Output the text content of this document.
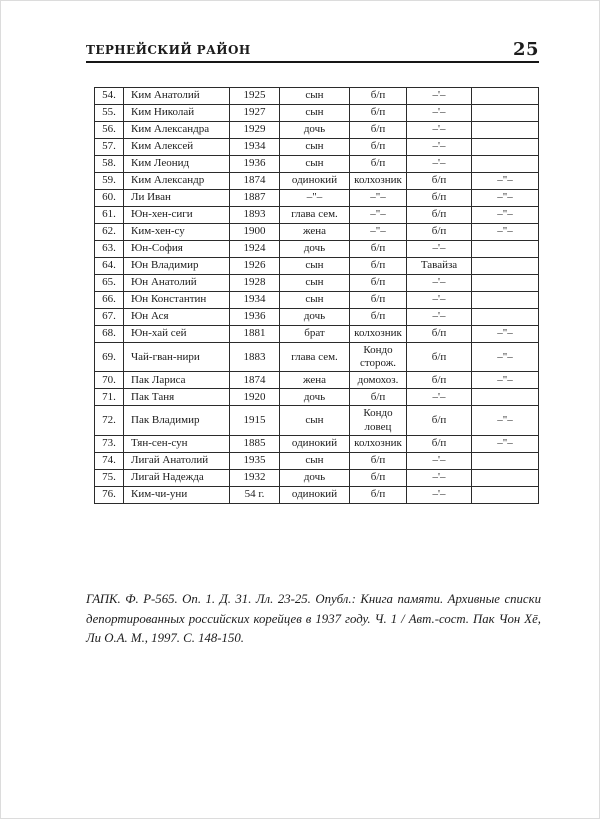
ТЕРНЕЙСКИЙ РАЙОН	25
54.	Ким Анатолий	1925	сын	б/п	–'–	
55.	Ким Николай	1927	сын	б/п	–'–	
56.	Ким Александра	1929	дочь	б/п	–'–	
57.	Ким Алексей	1934	сын	б/п	–'–	
58.	Ким Леонид	1936	сын	б/п	–'–	
59.	Ким Александр	1874	одинокий	колхозник	б/п	–"–
60.	Ли Иван	1887	–"–	–"–	б/п	–"–
61.	Юн-хен-сиги	1893	глава сем.	–"–	б/п	–"–
62.	Ким-хен-су	1900	жена	–"–	б/п	–"–
63.	Юн-София	1924	дочь	б/п	–'–	
64.	Юн Владимир	1926	сын	б/п	Тавайза	
65.	Юн Анатолий	1928	сын	б/п	–'–	
66.	Юн Константин	1934	сын	б/п	–'–	
67.	Юн Ася	1936	дочь	б/п	–'–	
68.	Юн-хай сей	1881	брат	колхозник	б/п	–"–
69.	Чай-гван-нири	1883	глава сем.	Кондо сторож.	б/п	–"–
70.	Пак Лариса	1874	жена	домохоз.	б/п	–"–
71.	Пак Таня	1920	дочь	б/п	–'–	
72.	Пак Владимир	1915	сын	Кондо ловец	б/п	–"–
73.	Тян-сен-сун	1885	одинокий	колхозник	б/п	–"–
74.	Лигай Анатолий	1935	сын	б/п	–'–	
75.	Лигай Надежда	1932	дочь	б/п	–'–	
76.	Ким-чи-уни	54 г.	одинокий	б/п	–'–	

ГАПК. Ф. Р-565. Оп. 1. Д. 31. Лл. 23-25. Опубл.: Книга памяти. Архивные списки депортированных российских корейцев в 1937 году. Ч. 1 / Авт.-сост. Пак Чон Хē, Ли О.А. М., 1997. С. 148-150.
